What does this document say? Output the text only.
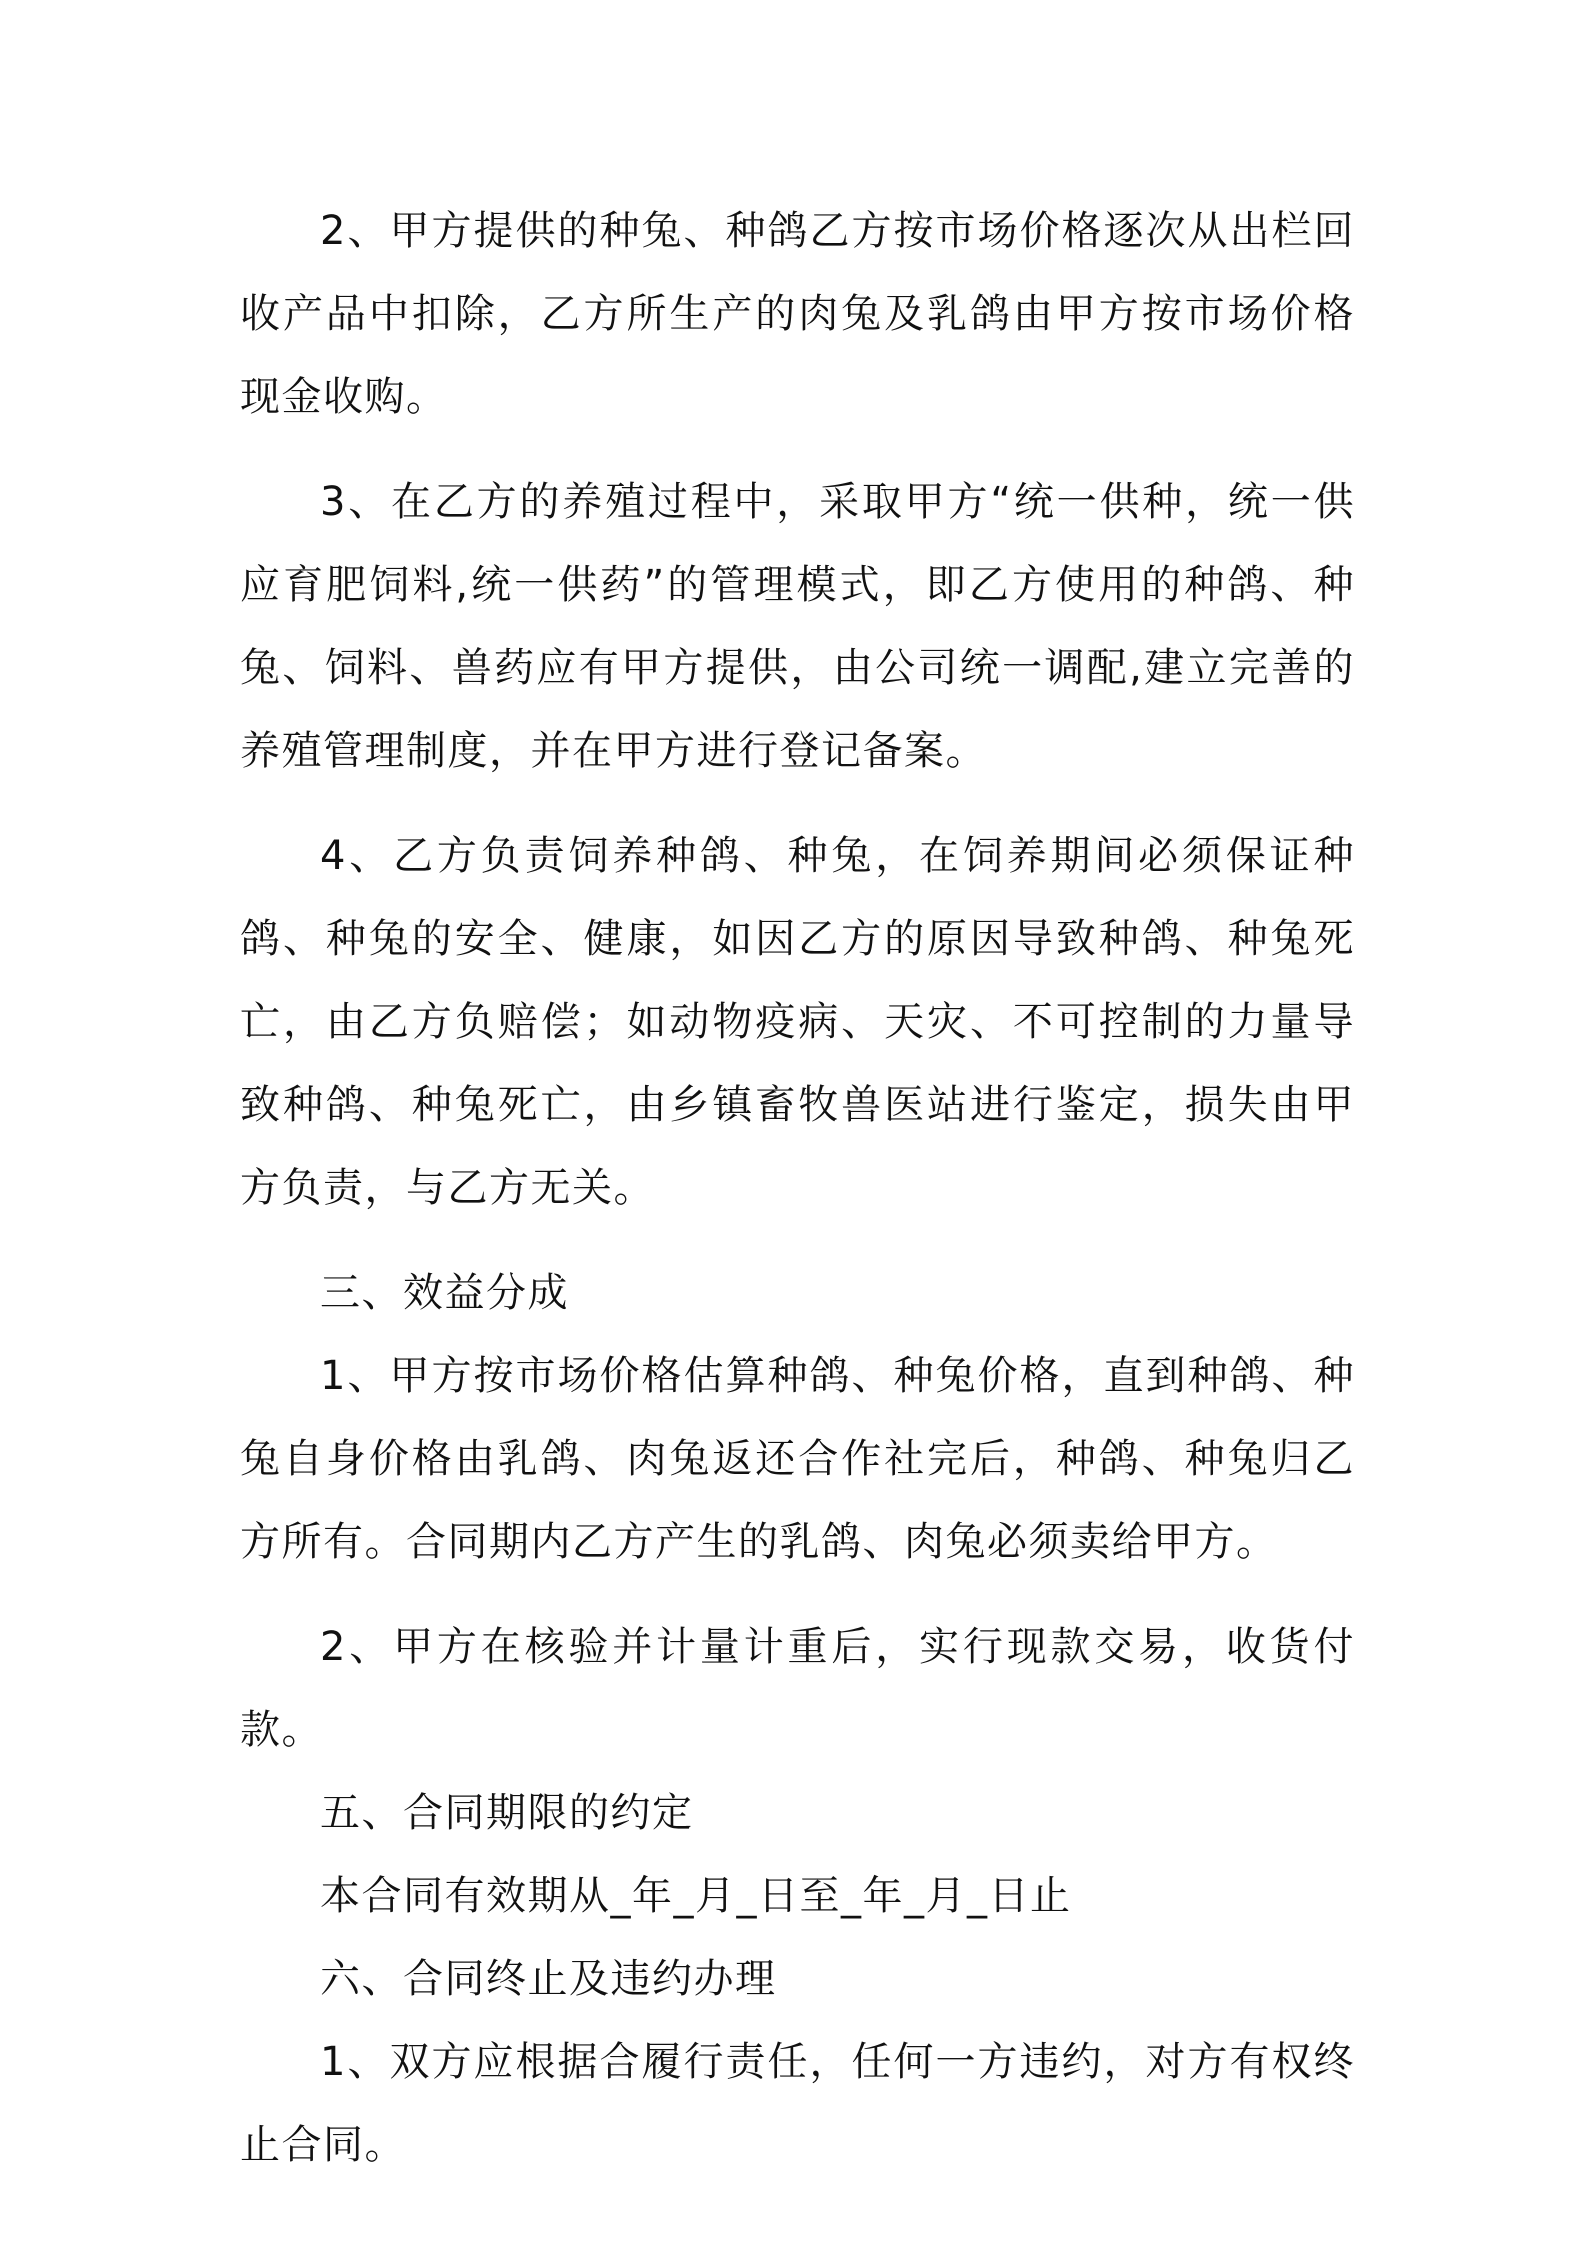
2、甲方提供的种兔、种鸽乙方按市场价格逐次从出栏回收产品中扣除，乙方所生产的肉兔及乳鸽由甲方按市场价格现金收购。

3、在乙方的养殖过程中，采取甲方“统一供种，统一供应育肥饲料,统一供药”的管理模式，即乙方使用的种鸽、种兔、饲料、兽药应有甲方提供，由公司统一调配,建立完善的养殖管理制度，并在甲方进行登记备案。

4、乙方负责饲养种鸽、种兔，在饲养期间必须保证种鸽、种兔的安全、健康，如因乙方的原因导致种鸽、种兔死亡，由乙方负赔偿；如动物疫病、天灾、不可控制的力量导致种鸽、种兔死亡，由乡镇畜牧兽医站进行鉴定，损失由甲方负责，与乙方无关。

三、效益分成

1、甲方按市场价格估算种鸽、种兔价格，直到种鸽、种兔自身价格由乳鸽、肉兔返还合作社完后，种鸽、种兔归乙方所有。合同期内乙方产生的乳鸽、肉兔必须卖给甲方。

2、甲方在核验并计量计重后，实行现款交易，收货付款。

五、合同期限的约定

本合同有效期从_年_月_日至_年_月_日止

六、合同终止及违约办理

1、双方应根据合履行责任，任何一方违约，对方有权终止合同。
